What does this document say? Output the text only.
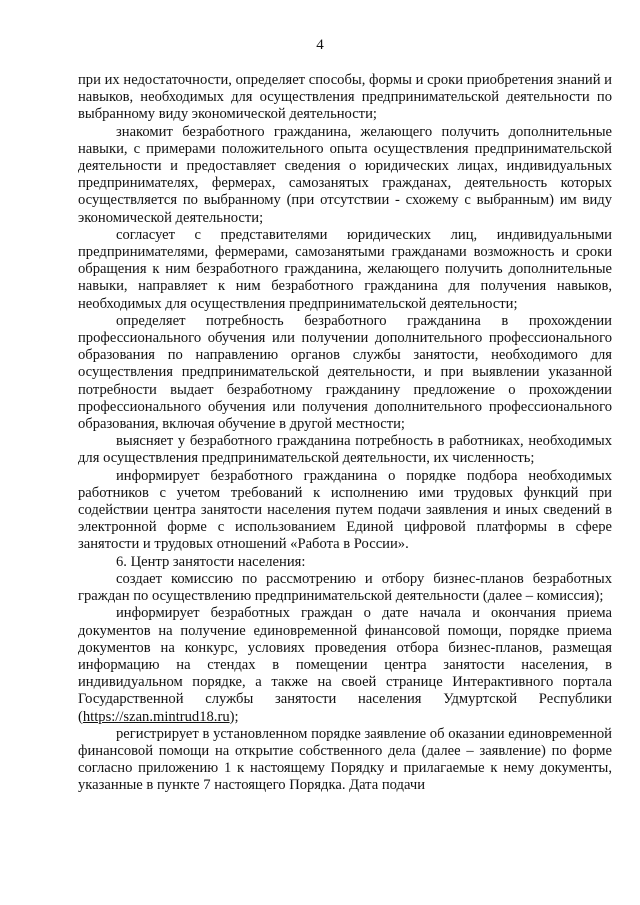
4

при их недостаточности, определяет способы, формы и сроки приобретения знаний и навыков, необходимых для осуществления предпринимательской деятельности по выбранному виду экономической деятельности;

знакомит безработного гражданина, желающего получить дополнительные навыки, с примерами положительного опыта осуществления предпринимательской деятельности и предоставляет сведения о юридических лицах, индивидуальных предпринимателях, фермерах, самозанятых гражданах, деятельность которых осуществляется по выбранному (при отсутствии - схожему с выбранным) им виду экономической деятельности;

согласует с представителями юридических лиц, индивидуальными предпринимателями, фермерами, самозанятыми гражданами возможность и сроки обращения к ним безработного гражданина, желающего получить дополнительные навыки, направляет к ним безработного гражданина для получения навыков, необходимых для осуществления предпринимательской деятельности;

определяет потребность безработного гражданина в прохождении профессионального обучения или получении дополнительного профессионального образования по направлению органов службы занятости, необходимого для осуществления предпринимательской деятельности, и при выявлении указанной потребности выдает безработному гражданину предложение о прохождении профессионального обучения или получения дополнительного профессионального образования, включая обучение в другой местности;

выясняет у безработного гражданина потребность в работниках, необходимых для осуществления предпринимательской деятельности, их численность;

информирует безработного гражданина о порядке подбора необходимых работников с учетом требований к исполнению ими трудовых функций при содействии центра занятости населения путем подачи заявления и иных сведений в электронной форме с использованием Единой цифровой платформы в сфере занятости и трудовых отношений «Работа в России».

6. Центр занятости населения:

создает комиссию по рассмотрению и отбору бизнес-планов безработных граждан по осуществлению предпринимательской деятельности (далее – комиссия);

информирует безработных граждан о дате начала и окончания приема документов на получение единовременной финансовой помощи, порядке приема документов на конкурс, условиях проведения отбора бизнес-планов, размещая информацию на стендах в помещении центра занятости населения, в индивидуальном порядке, а также на своей странице Интерактивного портала Государственной службы занятости населения Удмуртской Республики (https://szan.mintrud18.ru);

регистрирует в установленном порядке заявление об оказании единовременной финансовой помощи на открытие собственного дела (далее – заявление) по форме согласно приложению 1 к настоящему Порядку и прилагаемые к нему документы, указанные в пункте 7 настоящего Порядка. Дата подачи
